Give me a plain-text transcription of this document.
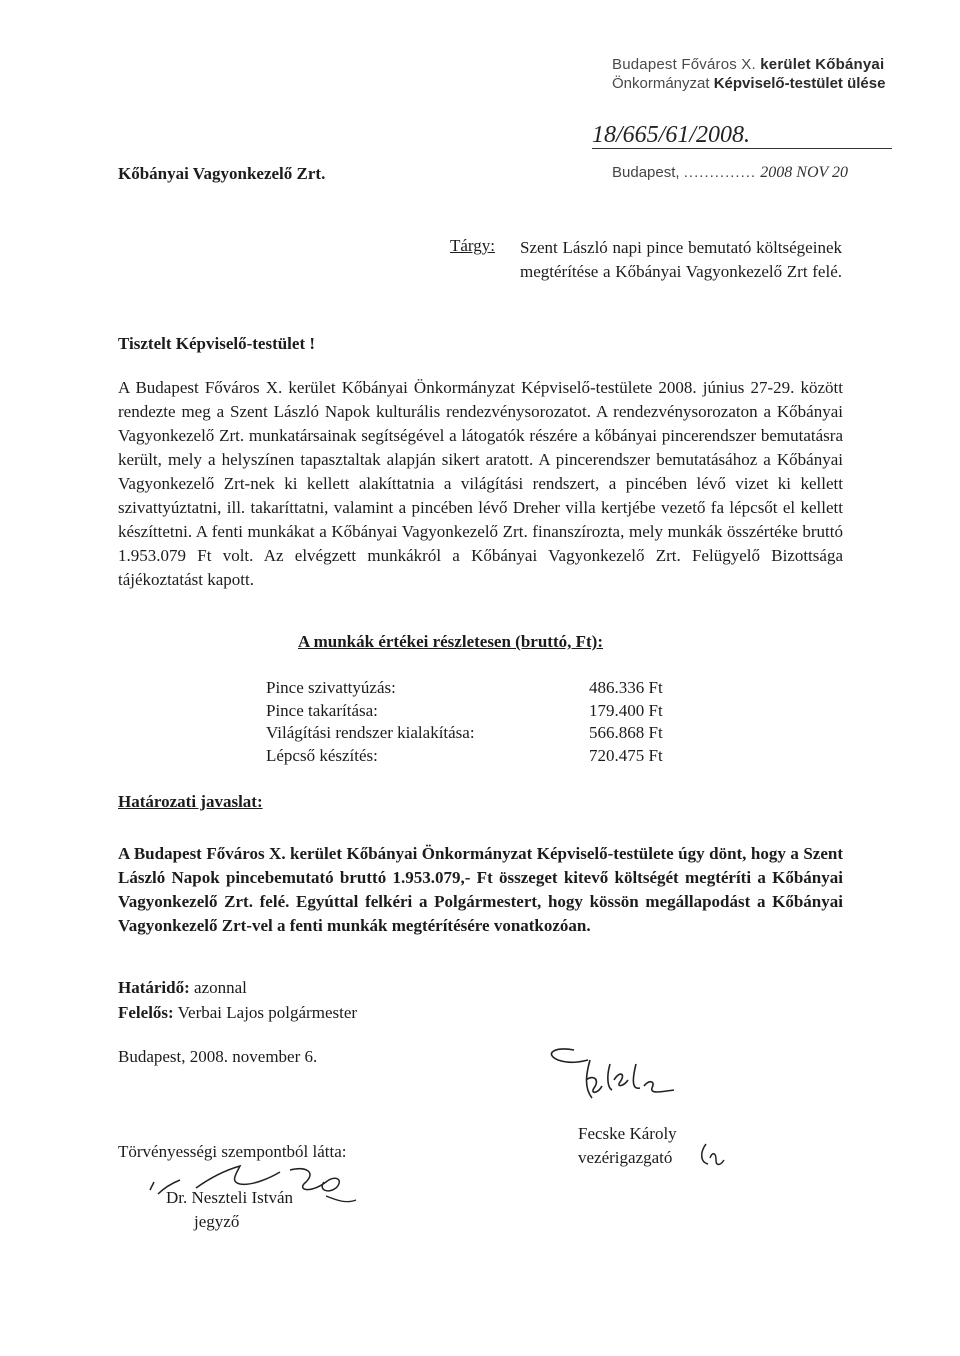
Budapest Főváros X. kerület Kőbányai
Önkormányzat Képviselő-testület ülése
18/665/61/2008.
Kőbányai Vagyonkezelő Zrt.	Budapest, .............. 2008 NOV 20
Tárgy: Szent László napi pince bemutató költségeinek megtérítése a Kőbányai Vagyonkezelő Zrt felé.
Tisztelt Képviselő-testület !
A Budapest Főváros X. kerület Kőbányai Önkormányzat Képviselő-testülete 2008. június 27-29. között rendezte meg a Szent László Napok kulturális rendezvénysorozatot. A rendezvénysorozaton a Kőbányai Vagyonkezelő Zrt. munkatársainak segítségével a látogatók részére a kőbányai pincerendszer bemutatásra került, mely a helyszínen tapasztaltak alapján sikert aratott. A pincerendszer bemutatásához a Kőbányai Vagyonkezelő Zrt-nek ki kellett alakíttatnia a világítási rendszert, a pincében lévő vizet ki kellett szivattyúztatni, ill. takaríttatni, valamint a pincében lévő Dreher villa kertjébe vezető fa lépcsőt el kellett készíttetni. A fenti munkákat a Kőbányai Vagyonkezelő Zrt. finanszírozta, mely munkák összértéke bruttó 1.953.079 Ft volt. Az elvégzett munkákról a Kőbányai Vagyonkezelő Zrt. Felügyelő Bizottsága tájékoztatást kapott.
A munkák értékei részletesen (bruttó, Ft):
Pince szivattyúzás:	486.336 Ft
Pince takarítása:	179.400 Ft
Világítási rendszer kialakítása:	566.868 Ft
Lépcső készítés:	720.475 Ft
Határozati javaslat:
A Budapest Főváros X. kerület Kőbányai Önkormányzat Képviselő-testülete úgy dönt, hogy a Szent László Napok pincebemutató bruttó 1.953.079,- Ft összeget kitevő költségét megtéríti a Kőbányai Vagyonkezelő Zrt. felé. Egyúttal felkéri a Polgármestert, hogy kössön megállapodást a Kőbányai Vagyonkezelő Zrt-vel a fenti munkák megtérítésére vonatkozóan.
Határidő: azonnal
Felelős: Verbai Lajos polgármester
Budapest, 2008. november 6.
Fecske Károly
vezérigazgató
Törvényességi szempontból látta:
Dr. Neszteli István
jegyző
